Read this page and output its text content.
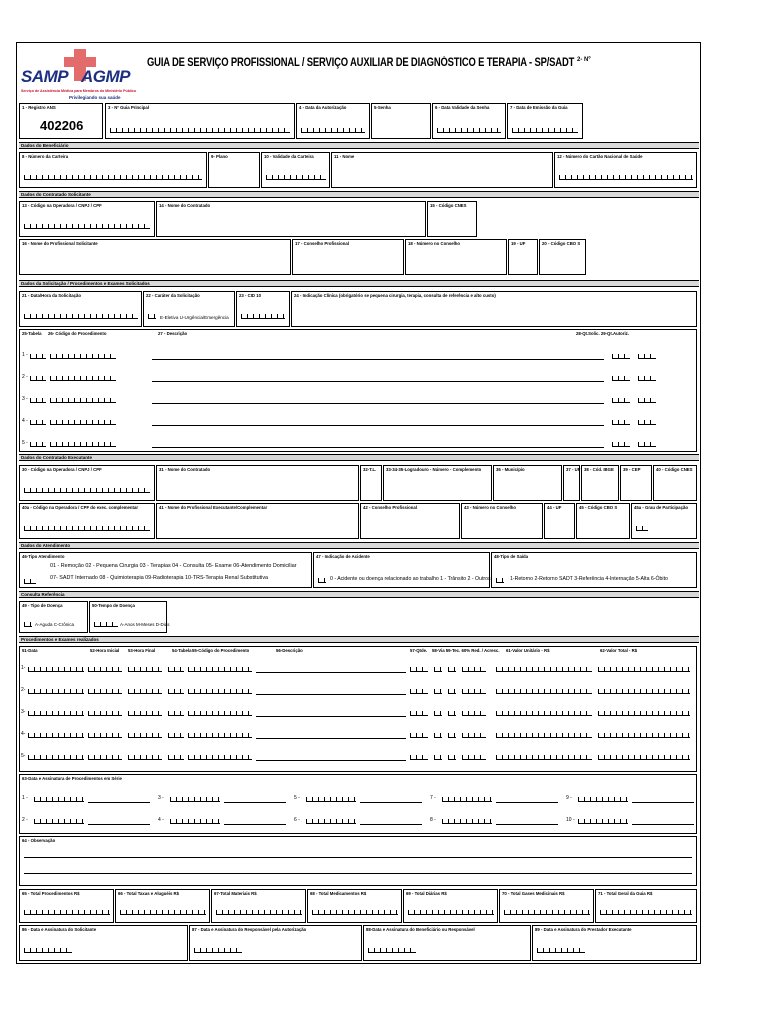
SAMP AGMP
Serviço de Assistência Médica para Membros do Ministério Público
Privilegiando sua saúde
GUIA DE SERVIÇO PROFISSIONAL / SERVIÇO AUXILIAR DE DIAGNÓSTICO E TERAPIA - SP/SADT 2- Nº
1 - Registro ANS
402206
3 - Nº Guia Principal	4 - Data da Autorização	5-Senha	6 - Data Validade da Senha	7 - Data de Emissão da Guia
Dados do Beneficiário
8 - Número da Carteira	9- Plano	10 - Validade da Carteira	11 - Nome	12 - Número do Cartão Nacional de Saúde
Dados do Contratado Solicitante
13 - Código na Operadora / CNPJ / CPF	14 - Nome do Contratado	15 - Código CNES
16 - Nome do Profissional Solicitante	17 - Conselho Profissional	18 - Número no Conselho	19 - UF	20 - Código CBO S
Dados da Solicitação / Procedimentos e Exames Solicitados
21 - Data/Hora da Solicitação	22 - Caráter da Solicitação
E-Eletiva U-Urgência/Emergência
23 - CID 10	24 - Indicação Clínica (obrigatório se pequena cirurgia, terapia, consulta de referência e alto custo)
25-Tabela 26- Código do Procedimento	27 - Descrição	28-Qt.Solic. 29-Qt.Autoriz.
1 -
2 -
3 -
4 -
5 -
Dados do Contratado Executante
30 - Código na Operadora / CNPJ / CPF	31 - Nome do Contratado	32-T.L. 33-34-35-Logradouro - Número - Complemento	36 - Município	37 - UF 38 - Cód. IBGE 39 - CEP	40 - Código CNES
40a - Código na Operadora / CPF do exec. complementar	41 - Nome do Profissional Executante/Complementar	42 - Conselho Profissional	43 - Número no Conselho	44 - UF	45 - Código CBO S	45a - Grau de Participação
Dados do Atendimento
46-Tipo Atendimento
01 - Remoção 02 - Pequena Cirurgia 03 - Terapias 04 - Consulta 05- Exame 06-Atendimento Domiciliar
07- SADT Internado 08 - Quimioterapia 09-Radioterapia 10-TRS-Terapia Renal Substitutiva
47 - Indicação de Acidente
0 - Acidente ou doença relacionado ao trabalho 1 - Trânsito 2 - Outros
48-Tipo de Saída
1-Retorno 2-Retorno SADT 3-Referência 4-Internação 5-Alta 6-Óbito
Consulta Referência
49 - Tipo de Doença
A-Aguda C-Crônica
50-Tempo de Doença
A-Anos M-Meses D-Dias
Procedimentos e Exames realizados
51-Data	52-Hora Inicial 53-Hora Final	54-Tabela 55-Código do Procedimento	56-Descrição	57-Qtde. 58-Via 59-Tec. 60% Red. / Acresc. 61-Valor Unitário - R$	62-Valor Total - R$
1-
2-
3-
4-
5-
63-Data e Assinatura de Procedimentos em Série
1 -
2 -
3 -
4 -
5 -
6 -
7 -
8 -
9 -
10 -
64 - Observação
65 - Total Procedimentos R$	66 - Total Taxas e Aluguéis R$	67-Total Materiais R$	68 - Total Medicamentos R$	69 - Total Diárias R$	70 - Total Gases Medicinais R$	71 - Total Geral da Guia R$
86 - Data e Assinatura do Solicitante	87 - Data e Assinatura do Responsável pela Autorização	88-Data e Assinatura do Beneficiário ou Responsável	89 - Data e Assinatura do Prestador Executante
